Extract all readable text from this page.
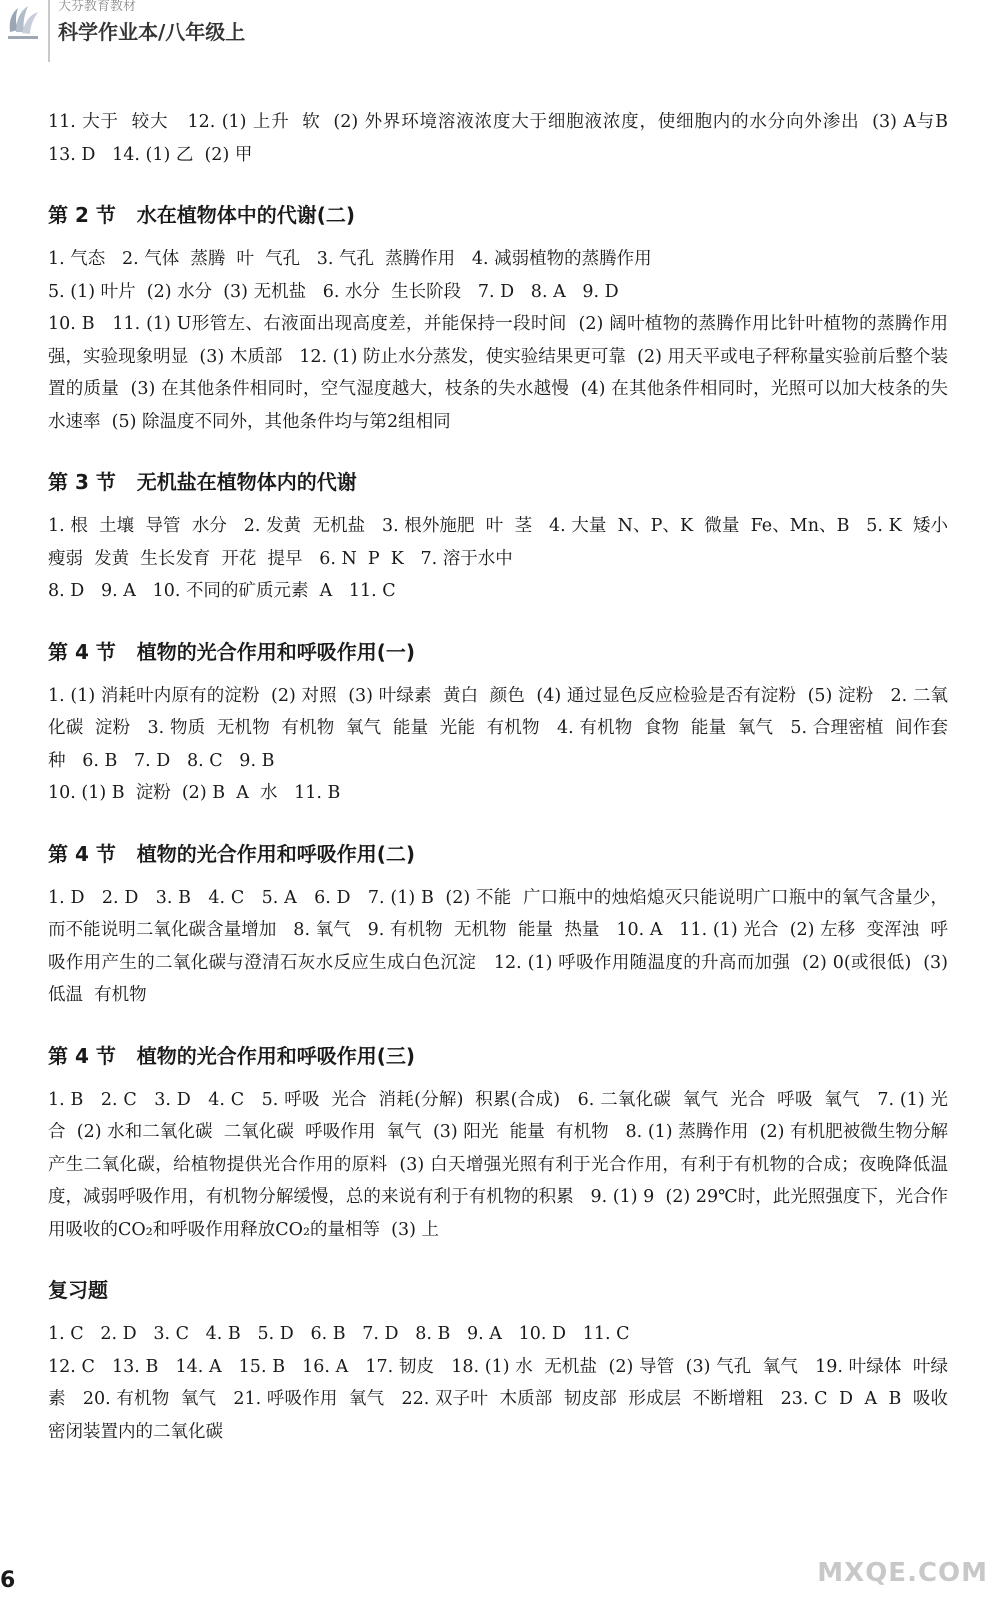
大芬教育教材
科学作业本/八年级上

11. 大于  较大   12. (1) 上升  软  (2) 外界环境溶液浓度大于细胞液浓度，使细胞内的水分向外渗出  (3) A与B   13. D   14. (1) 乙  (2) 甲

第 2 节   水在植物体中的代谢(二)

1. 气态   2. 气体  蒸腾  叶  气孔   3. 气孔  蒸腾作用   4. 减弱植物的蒸腾作用

5. (1) 叶片  (2) 水分  (3) 无机盐   6. 水分  生长阶段   7. D   8. A   9. D

10. B   11. (1) U形管左、右液面出现高度差，并能保持一段时间  (2) 阔叶植物的蒸腾作用比针叶植物的蒸腾作用强，实验现象明显  (3) 木质部   12. (1) 防止水分蒸发，使实验结果更可靠  (2) 用天平或电子秤称量实验前后整个装置的质量  (3) 在其他条件相同时，空气湿度越大，枝条的失水越慢  (4) 在其他条件相同时，光照可以加大枝条的失水速率  (5) 除温度不同外，其他条件均与第2组相同

第 3 节   无机盐在植物体内的代谢

1. 根  土壤  导管  水分   2. 发黄  无机盐   3. 根外施肥  叶  茎   4. 大量  N、P、K  微量  Fe、Mn、B   5. K  矮小瘦弱  发黄  生长发育  开花  提早   6. N  P  K   7. 溶于水中

8. D   9. A   10. 不同的矿质元素  A   11. C

第 4 节   植物的光合作用和呼吸作用(一)

1. (1) 消耗叶内原有的淀粉  (2) 对照  (3) 叶绿素  黄白  颜色  (4) 通过显色反应检验是否有淀粉  (5) 淀粉   2. 二氧化碳  淀粉   3. 物质  无机物  有机物  氧气  能量  光能  有机物   4. 有机物  食物  能量  氧气   5. 合理密植  间作套种   6. B   7. D   8. C   9. B

10. (1) B  淀粉  (2) B  A  水   11. B

第 4 节   植物的光合作用和呼吸作用(二)

1. D   2. D   3. B   4. C   5. A   6. D   7. (1) B  (2) 不能  广口瓶中的烛焰熄灭只能说明广口瓶中的氧气含量少，而不能说明二氧化碳含量增加   8. 氧气   9. 有机物  无机物  能量  热量   10. A   11. (1) 光合  (2) 左移  变浑浊  呼吸作用产生的二氧化碳与澄清石灰水反应生成白色沉淀   12. (1) 呼吸作用随温度的升高而加强  (2) 0(或很低)  (3) 低温  有机物

第 4 节   植物的光合作用和呼吸作用(三)

1. B   2. C   3. D   4. C   5. 呼吸  光合  消耗(分解)  积累(合成)   6. 二氧化碳  氧气  光合  呼吸  氧气   7. (1) 光合  (2) 水和二氧化碳  二氧化碳  呼吸作用  氧气  (3) 阳光  能量  有机物   8. (1) 蒸腾作用  (2) 有机肥被微生物分解产生二氧化碳，给植物提供光合作用的原料  (3) 白天增强光照有利于光合作用，有利于有机物的合成；夜晚降低温度，减弱呼吸作用，有机物分解缓慢，总的来说有利于有机物的积累   9. (1) 9  (2) 29℃时，此光照强度下，光合作用吸收的CO₂和呼吸作用释放CO₂的量相等  (3) 上

复习题

1. C   2. D   3. C   4. B   5. D   6. B   7. D   8. B   9. A   10. D   11. C

12. C   13. B   14. A   15. B   16. A   17. 韧皮   18. (1) 水  无机盐  (2) 导管  (3) 气孔  氧气   19. 叶绿体  叶绿素   20. 有机物  氧气   21. 呼吸作用  氧气   22. 双子叶  木质部  韧皮部  形成层  不断增粗   23. C  D  A  B  吸收密闭装置内的二氧化碳

6	MXQE.COM
